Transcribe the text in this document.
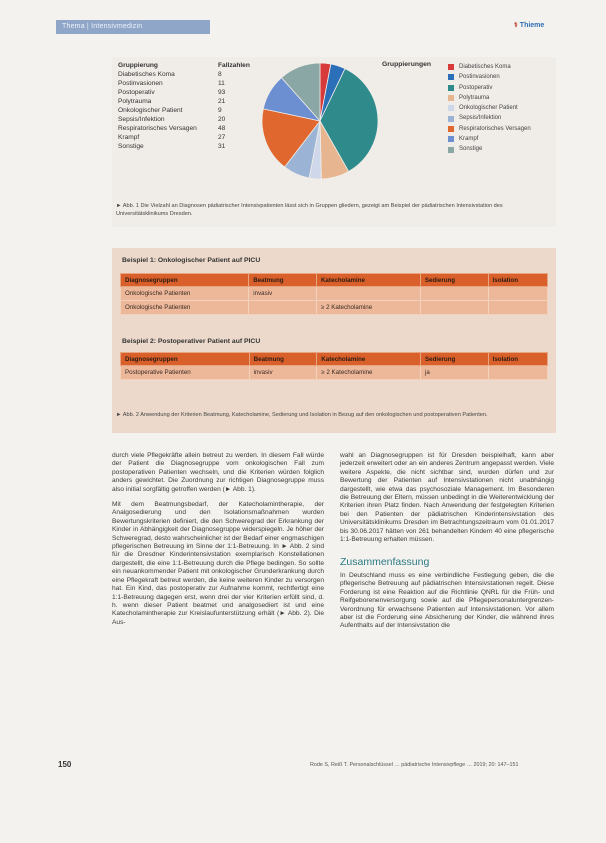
Thema | Intensivmedizin	⚕ Thieme
Gruppierung	Fallzahlen
Diabetisches Koma	8
Postinvasionen	11
Postoperativ	93
Polytrauma	21
Onkologischer Patient	9
Sepsis/Infektion	20
Respiratorisches Versagen	48
Krampf	27
Sonstige	31
Gruppierungen	Diabetisches Koma
Postinvasionen
Postoperativ
Polytrauma
Onkologischer Patient
Sepsis/Infektion
Respiratorisches Versagen
Krampf
Sonstige
► Abb. 1 Die Vielzahl an Diagnosen pädiatrischer Intensivpatienten lässt sich in Gruppen gliedern, gezeigt am Beispiel der pädiatrischen Intensivstation des Universitätsklinikums Dresden.
Beispiel 1: Onkologischer Patient auf PICU
Diagnosegruppen	Beatmung	Katecholamine	Sedierung	Isolation
Onkologische Patienten	invasiv			
Onkologische Patienten		≥ 2 Katecholamine		
Beispiel 2: Postoperativer Patient auf PICU
Diagnosegruppen	Beatmung	Katecholamine	Sedierung	Isolation
Postoperative Patienten	invasiv	≥ 2 Katecholamine	ja	
► Abb. 2 Anwendung der Kriterien Beatmung, Katecholamine, Sedierung und Isolation in Bezug auf den onkologischen und postoperativen Patienten.

durch viele Pflegekräfte allein betreut zu werden. In diesem Fall würde der Patient die Diagnosegruppe vom onkologischen Fall zum postoperativen Patienten wechseln, und die Kriterien würden folglich anders gewichtet. Die Zuordnung zur richtigen Diagnosegruppe muss also initial sorgfältig getroffen werden (► Abb. 1).

Mit dem Beatmungsbedarf, der Katecholamintherapie, der Analgosedierung und den Isolationsmaßnahmen wurden Bewertungskriterien definiert, die den Schweregrad der Erkrankung der Kinder in Abhängigkeit der Diagnosegruppe widerspiegeln. Je höher der Schweregrad, desto wahrscheinlicher ist der Bedarf einer engmaschigen pflegerischen Betreuung im Sinne der 1:1-Betreuung. In ► Abb. 2 sind für die Dresdner Kinderintensivstation exemplarisch Konstellationen dargestellt, die eine 1:1-Betreuung durch die Pflege bedingen. So sollte ein neuankommender Patient mit onkologischer Grunderkrankung durch eine Pflegekraft betreut werden, die keine weiteren Kinder zu versorgen hat. Ein Kind, das postoperativ zur Aufnahme kommt, rechtfertigt eine 1:1-Betreuung dagegen erst, wenn drei der vier Kriterien erfüllt sind, d. h. wenn dieser Patient beatmet und analgosediert ist und eine Katecholamintherapie zur Kreislaufunterstützung erhält (► Abb. 2). Die Aus-

wahl an Diagnosegruppen ist für Dresden beispielhaft, kann aber jederzeit erweitert oder an ein anderes Zentrum angepasst werden. Viele weitere Aspekte, die nicht sichtbar sind, wurden dürfen und zur Bewertung der Patienten auf Intensivstationen nicht unabhängig dargestellt, wie etwa das psychosoziale Management. Im Besonderen die Betreuung der Eltern, müssen unbedingt in die Weiterentwicklung der Kriterien ihren Platz finden. Nach Anwendung der festgelegten Kriterien bei den Patienten der pädiatrischen Kinderintensivstation des Universitätsklinikums Dresden im Betrachtungszeitraum vom 01.01.2017 bis 30.06.2017 hätten von 261 behandelten Kindern 40 eine pflegerische 1:1-Betreuung erhalten müssen.

Zusammenfassung

In Deutschland muss es eine verbindliche Festlegung geben, die die pflegerische Betreuung auf pädiatrischen Intensivstationen regelt. Diese Forderung ist eine Reaktion auf die Richtlinie QNRL für die Früh- und Reifgeborenenversorgung sowie auf die Pflegepersonaluntergrenzen-Verordnung für erwachsene Patienten auf Intensivstationen. Vor allem aber ist die Forderung eine Absicherung der Kinder, die während ihres Aufenthalts auf der Intensivstation die

150	Rode S, Reiß T. Personalschlüssel … pädiatrische Intensivpflege … 2019; 20: 147–151
